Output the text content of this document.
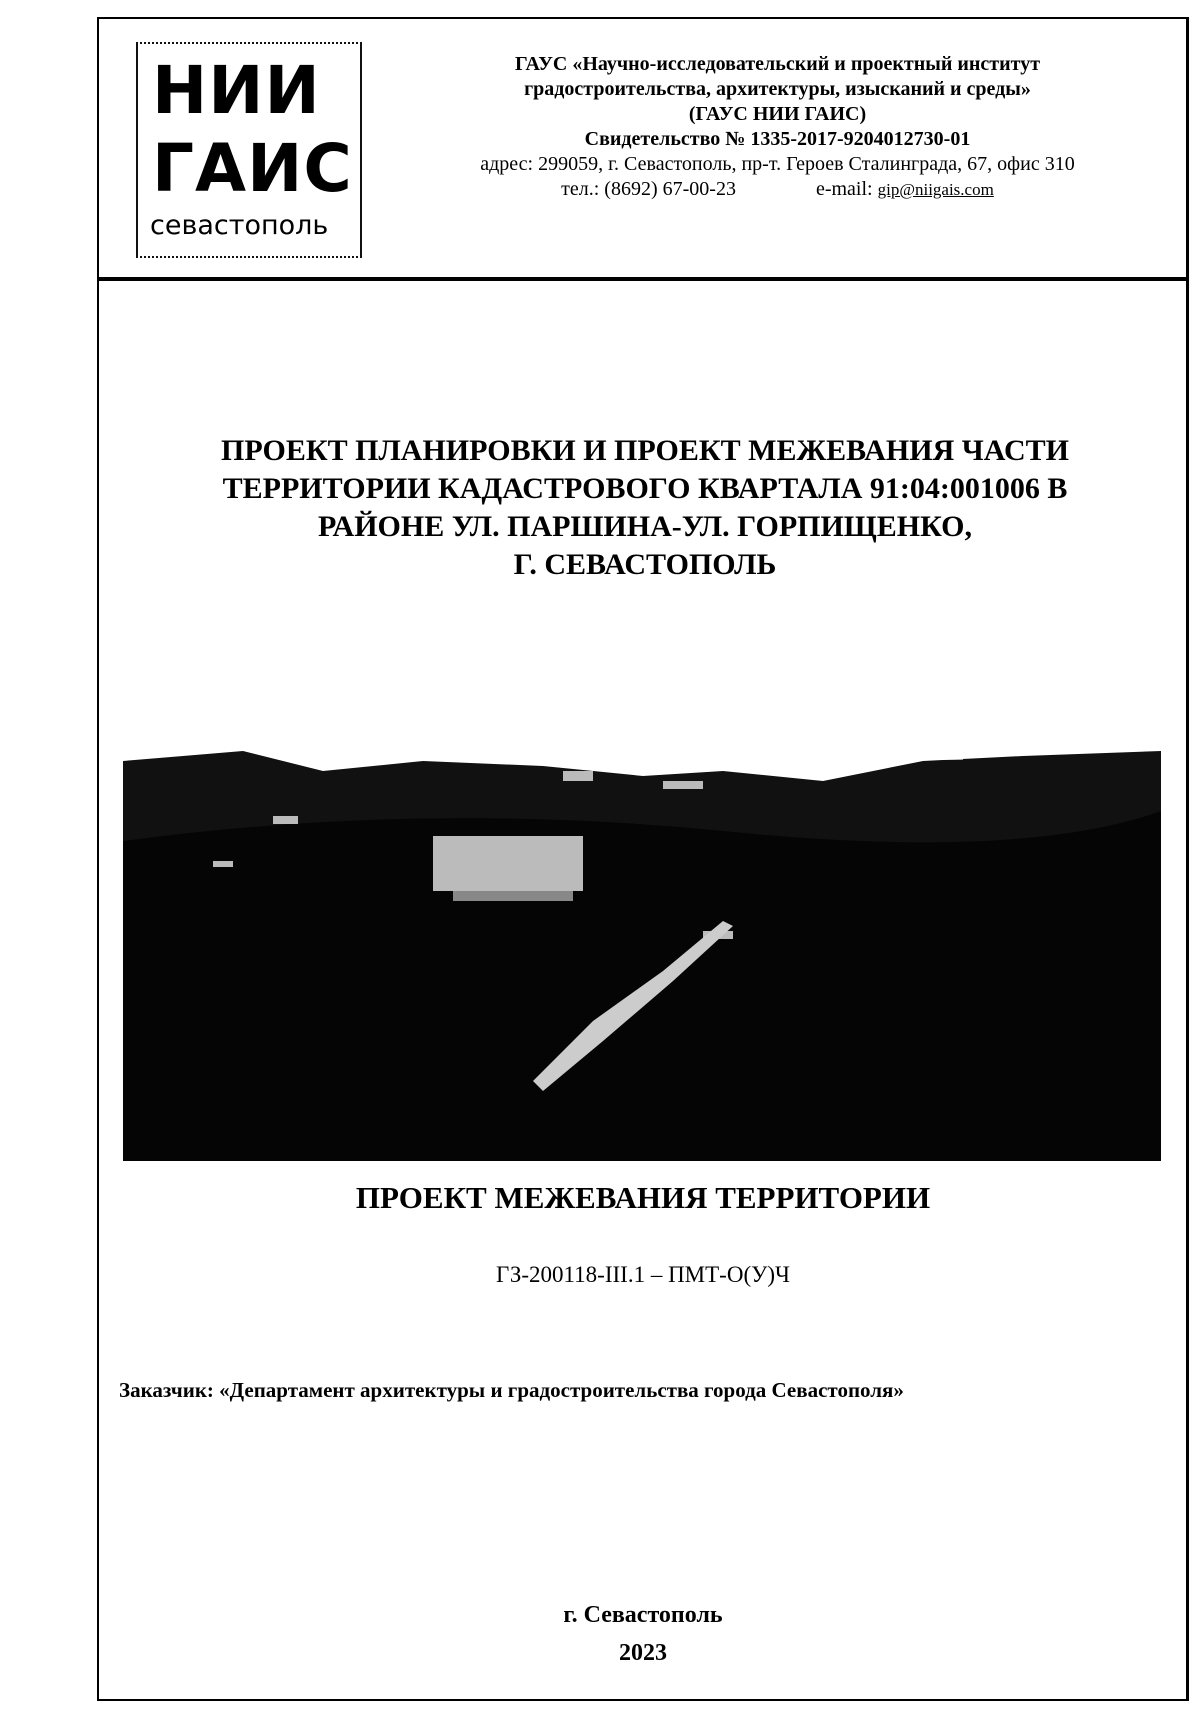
НИИ
ГАИС
севастополь
ГАУС «Научно-исследовательский и проектный институт
градостроительства, архитектуры, изысканий и среды»
(ГАУС НИИ ГАИС)
Свидетельство № 1335-2017-9204012730-01
адрес: 299059, г. Севастополь, пр-т. Героев Сталинграда, 67, офис 310
тел.: (8692) 67-00-23	e-mail: gip@niigais.com
ПРОЕКТ ПЛАНИРОВКИ И ПРОЕКТ МЕЖЕВАНИЯ ЧАСТИ
ТЕРРИТОРИИ КАДАСТРОВОГО КВАРТАЛА 91:04:001006 В
РАЙОНЕ УЛ. ПАРШИНА-УЛ. ГОРПИЩЕНКО,
Г. СЕВАСТОПОЛЬ
ПРОЕКТ МЕЖЕВАНИЯ ТЕРРИТОРИИ
ГЗ-200118-III.1 – ПМТ-О(У)Ч
Заказчик: «Департамент архитектуры и градостроительства города Севастополя»
г. Севастополь
2023
